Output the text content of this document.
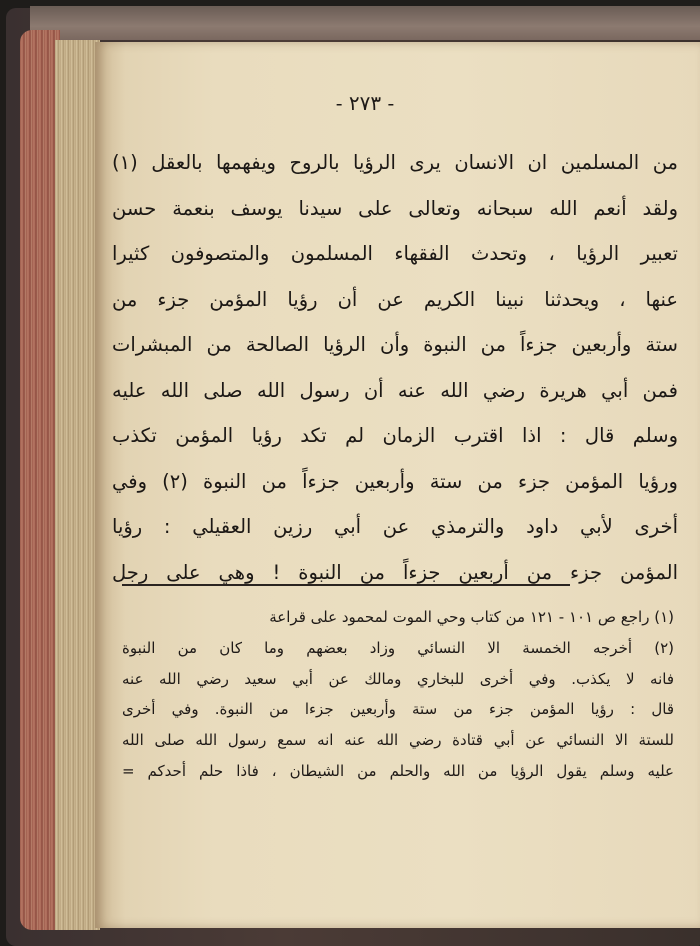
- ٢٧٣ -
من المسلمين ان الانسان يرى الرؤيا بالروح ويفهمها بالعقل (١)
ولقد أنعم الله سبحانه وتعالى على سيدنا يوسف بنعمة حسن
تعبير الرؤيا ، وتحدث الفقهاء المسلمون والمتصوفون كثيرا
عنها ، ويحدثنا نبينا الكريم عن أن رؤيا المؤمن جزء من
ستة وأربعين جزءاً من النبوة وأن الرؤيا الصالحة من المبشرات
فمن أبي هريرة رضي الله عنه أن رسول الله صلى الله عليه
وسلم قال : اذا اقترب الزمان لم تكد رؤيا المؤمن تكذب
ورؤيا المؤمن جزء من ستة وأربعين جزءاً من النبوة (٢) وفي
أخرى لأبي داود والترمذي عن أبي رزين العقيلي : رؤيا
المؤمن جزء من أربعين جزءاً من النبوة ! وهي على رجل
(١) راجع ص ١٠١ - ١٢١ من كتاب وحي الموت لمحمود على قراعة
(٢) أخرجه الخمسة الا النسائي وزاد بعضهم وما كان من النبوة
فانه لا يكذب. وفي أخرى للبخاري ومالك عن أبي سعيد رضي الله عنه
قال : رؤيا المؤمن جزء من ستة وأربعين جزءا من النبوة. وفي أخرى
للستة الا النسائي عن أبي قتادة رضي الله عنه انه سمع رسول الله صلى الله
عليه وسلم يقول الرؤيا من الله والحلم من الشيطان ، فاذا حلم أحدكم =
